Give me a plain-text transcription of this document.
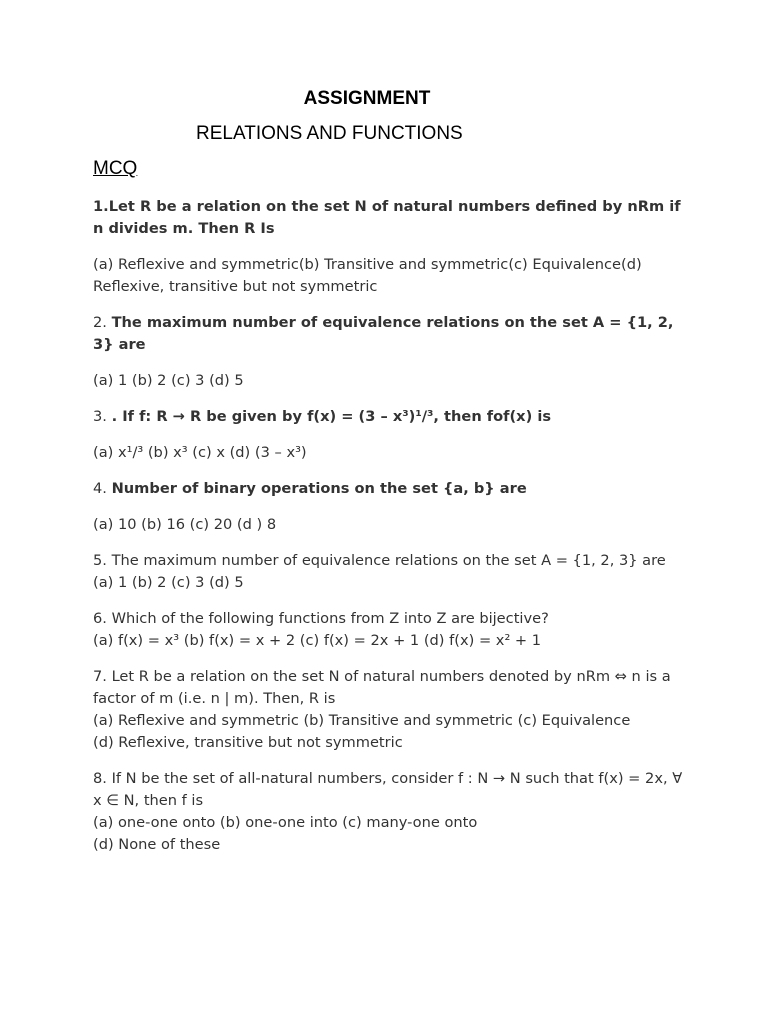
ASSIGNMENT
RELATIONS AND FUNCTIONS
MCQ
1.Let R be a relation on the set N of natural numbers defined by nRm if n divides m. Then R Is
(a) Reflexive and symmetric(b) Transitive and symmetric(c) Equivalence(d) Reflexive, transitive but not symmetric
2. The maximum number of equivalence relations on the set A = {1, 2, 3} are
(a) 1 (b) 2 (c) 3 (d) 5
3. . If f: R → R be given by f(x) = (3 – x³)¹/³, then fof(x) is
(a) x¹/³ (b) x³ (c) x (d) (3 – x³)
4. Number of binary operations on the set {a, b} are
(a) 10 (b) 16 (c) 20 (d ) 8
5. The maximum number of equivalence relations on the set A = {1, 2, 3} are
(a) 1 (b) 2 (c) 3 (d) 5
6. Which of the following functions from Z into Z are bijective?
(a) f(x) = x³ (b) f(x) = x + 2 (c) f(x) = 2x + 1 (d) f(x) = x² + 1
7. Let R be a relation on the set N of natural numbers denoted by nRm ⇔ n is a factor of m (i.e. n | m). Then, R is
(a) Reflexive and symmetric (b) Transitive and symmetric (c) Equivalence
(d) Reflexive, transitive but not symmetric
8. If N be the set of all-natural numbers, consider f : N → N such that f(x) = 2x, ∀ x ∈ N, then f is
(a) one-one onto (b) one-one into (c) many-one onto
(d) None of these
